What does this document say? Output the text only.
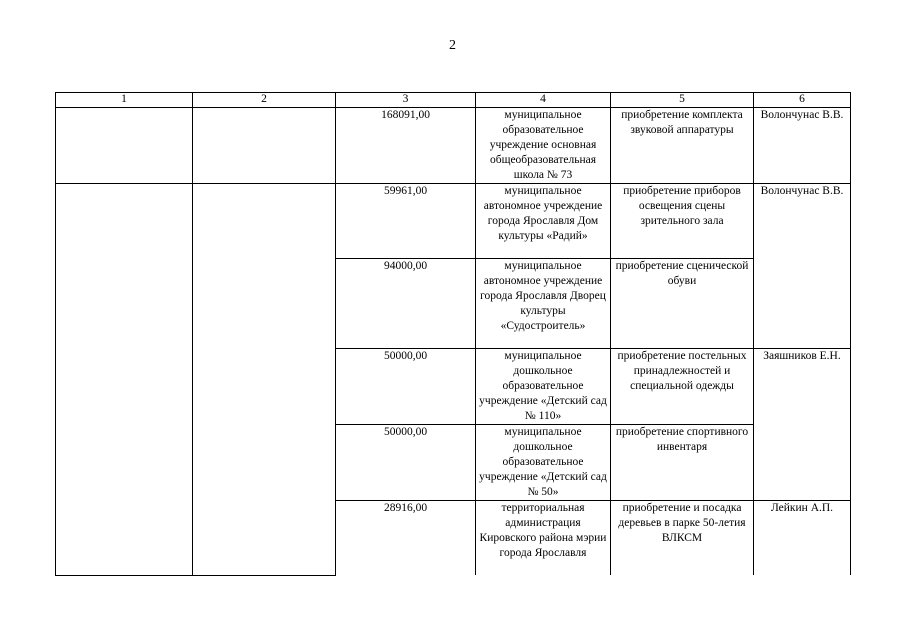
2
1	2	3	4	5	6
		168091,00	муниципальное образовательное учреждение основная общеобразовательная школа № 73	приобретение комплекта звуковой аппаратуры	Волончунас В.В.
		59961,00	муниципальное автономное учреждение города Ярославля Дом культуры «Радий»	приобретение приборов освещения сцены зрительного зала	Волончунас В.В.
		94000,00	муниципальное автономное учреждение города Ярославля Дворец культуры «Судостроитель»	приобретение сценической обуви	
		50000,00	муниципальное дошкольное образовательное учреждение «Детский сад № 110»	приобретение постельных принадлежностей и специальной одежды	Заяшников Е.Н.
		50000,00	муниципальное дошкольное образовательное учреждение «Детский сад № 50»	приобретение спортивного инвентаря	
		28916,00	территориальная администрация Кировского района мэрии города Ярославля	приобретение и посадка деревьев в парке 50-летия ВЛКСМ	Лейкин А.П.
